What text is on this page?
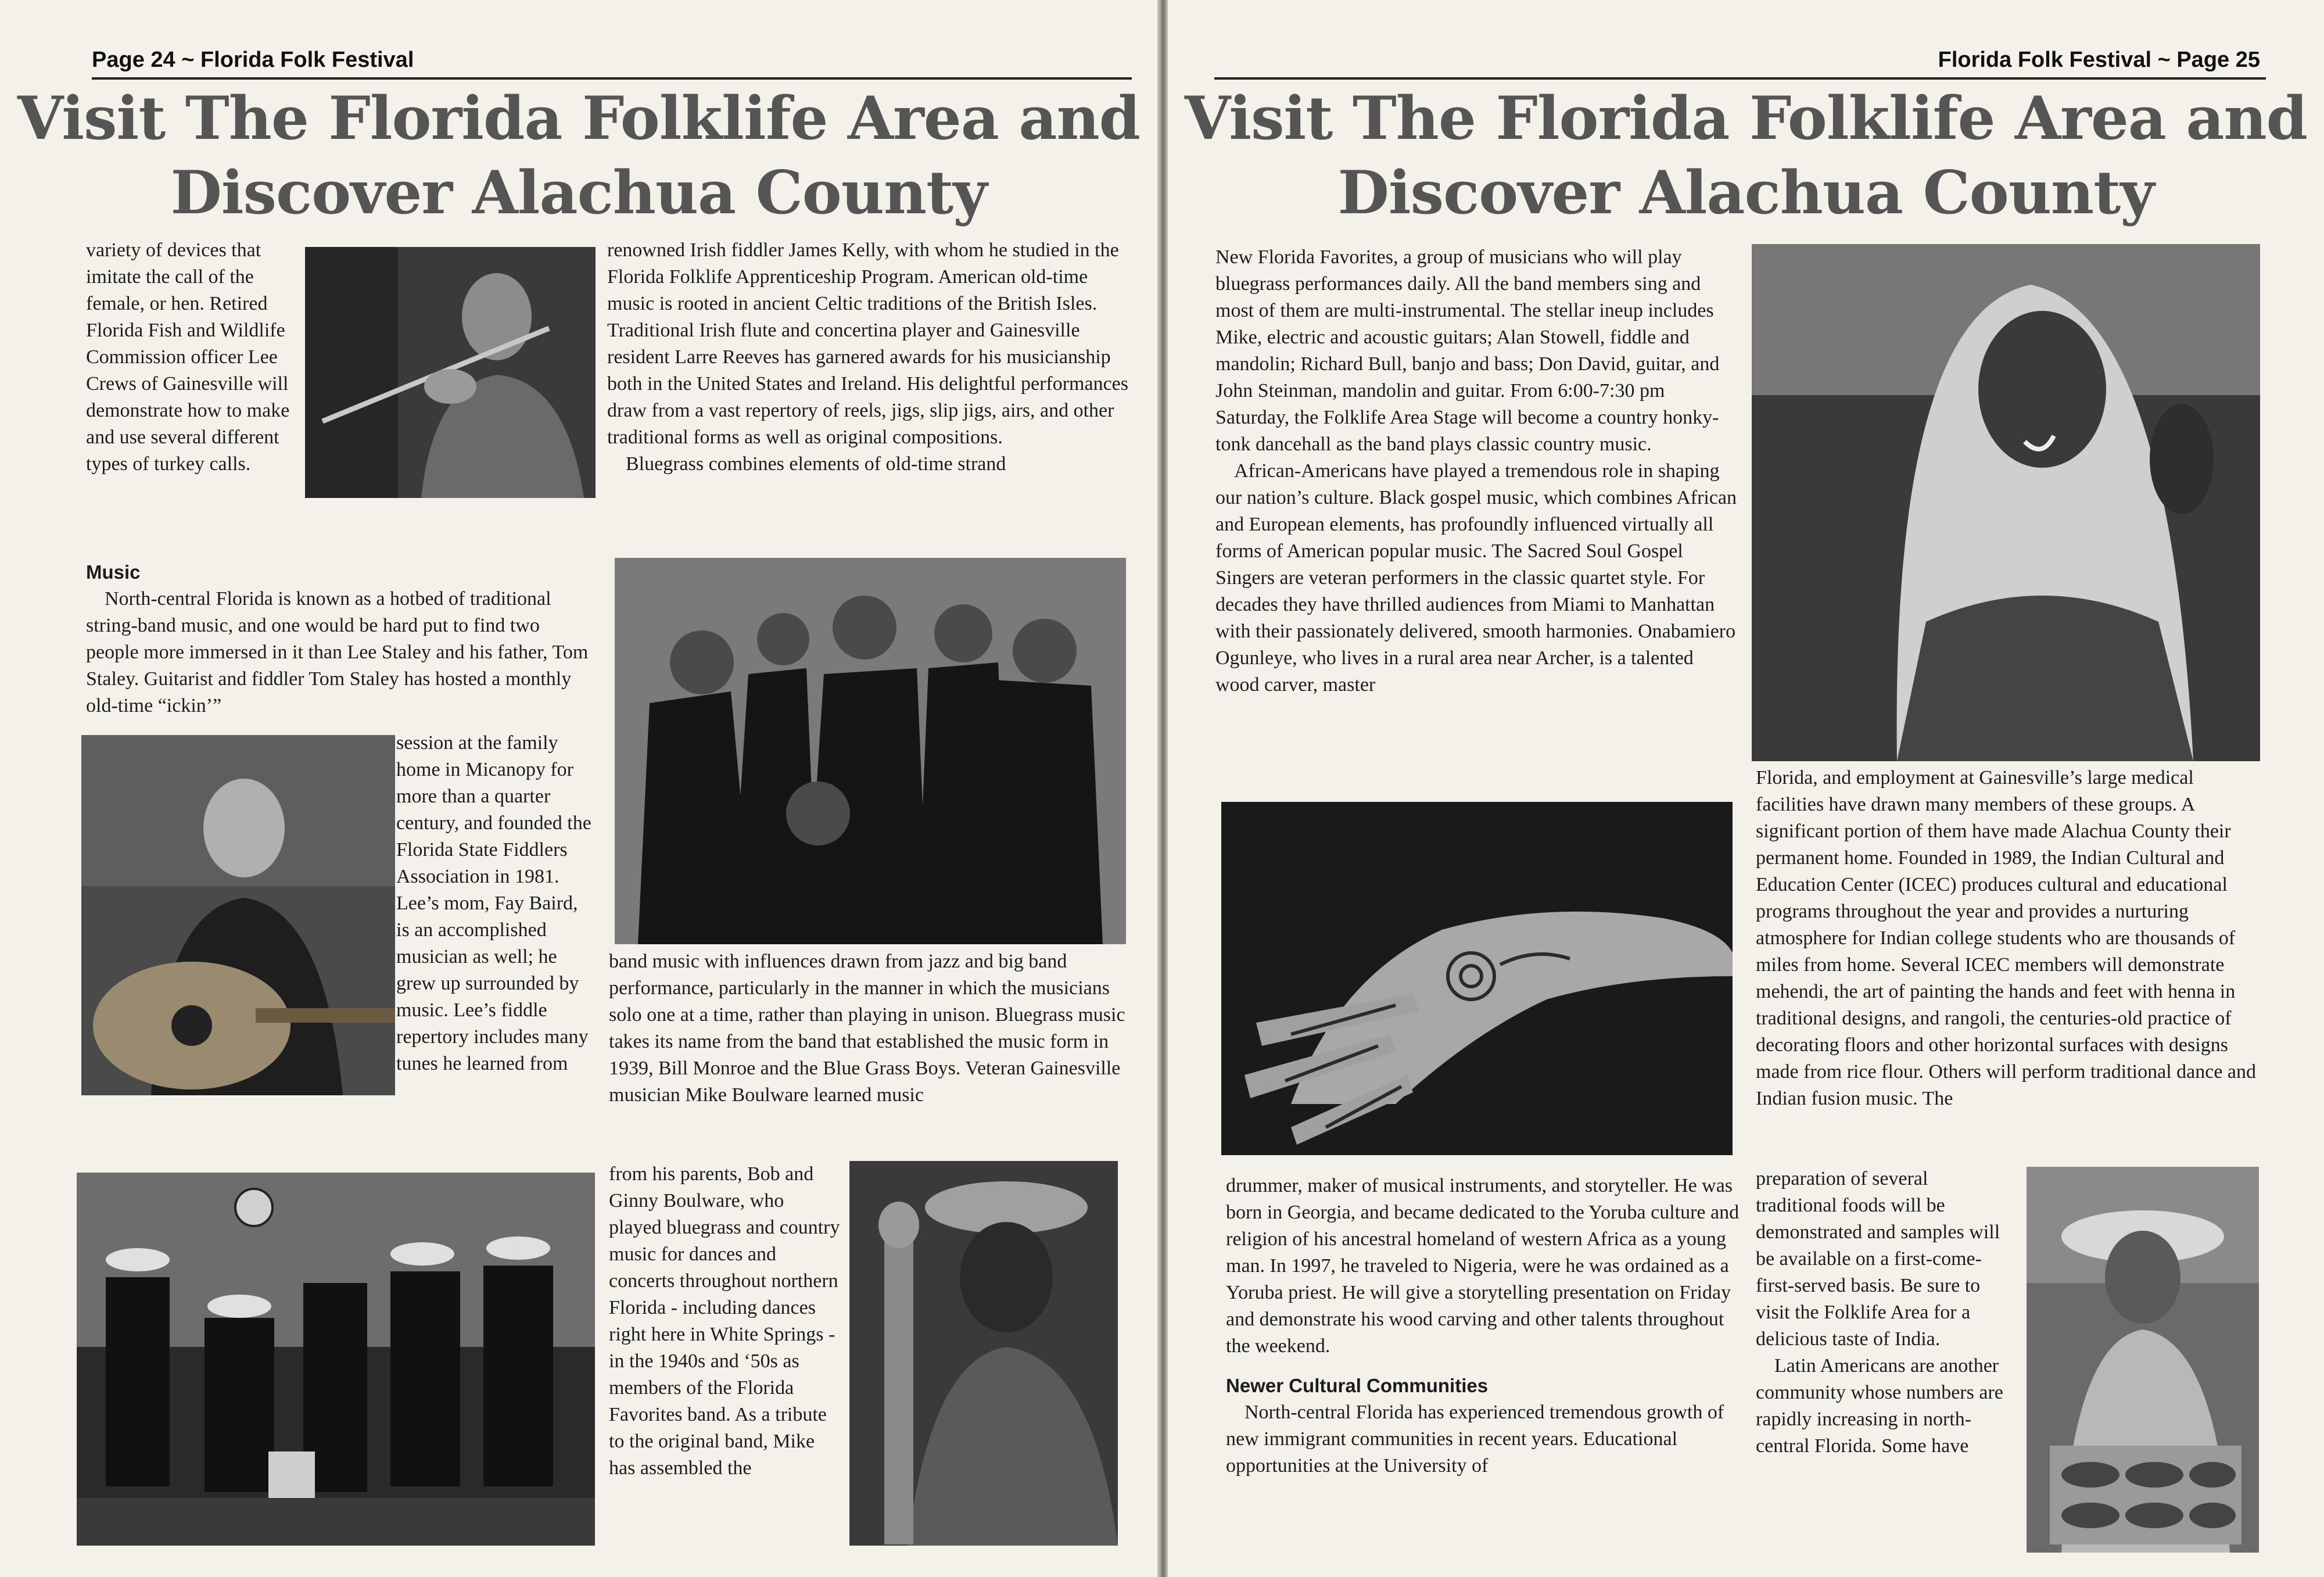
Page 24 ~ Florida Folk Festival
Visit The Florida Folklife Area and
Discover Alachua County

variety of devices that imitate the call of the female, or hen. Retired Florida Fish and Wildlife Commission officer Lee Crews of Gainesville will demonstrate how to make and use several different types of turkey calls.

Music

North-central Florida is known as a hotbed of traditional string-band music, and one would be hard put to find two people more immersed in it than Lee Staley and his father, Tom Staley. Guitarist and fiddler Tom Staley has hosted a monthly old-time “ickin’”

session at the family home in Micanopy for more than a quarter century, and founded the Florida State Fiddlers Association in 1981. Lee’s mom, Fay Baird, is an accomplished musician as well; he grew up surrounded by music. Lee’s fiddle repertory includes many tunes he learned from

renowned Irish fiddler James Kelly, with whom he studied in the Florida Folklife Apprenticeship Program. American old-time music is rooted in ancient Celtic traditions of the British Isles. Traditional Irish flute and concertina player and Gainesville resident Larre Reeves has garnered awards for his musicianship both in the United States and Ireland. His delightful performances draw from a vast repertory of reels, jigs, slip jigs, airs, and other traditional forms as well as original compositions.

Bluegrass combines elements of old-time strand

band music with influences drawn from jazz and big band performance, particularly in the manner in which the musicians solo one at a time, rather than playing in unison. Bluegrass music takes its name from the band that established the music form in 1939, Bill Monroe and the Blue Grass Boys. Veteran Gainesville musician Mike Boulware learned music

from his parents, Bob and Ginny Boulware, who played bluegrass and country music for dances and concerts throughout northern Florida - including dances right here in White Springs - in the 1940s and ‘50s as members of the Florida Favorites band. As a tribute to the original band, Mike has assembled the

Florida Folk Festival ~ Page 25
Visit The Florida Folklife Area and
Discover Alachua County

New Florida Favorites, a group of musicians who will play bluegrass performances daily. All the band members sing and most of them are multi-instrumental. The stellar ineup includes Mike, electric and acoustic guitars; Alan Stowell, fiddle and mandolin; Richard Bull, banjo and bass; Don David, guitar, and John Steinman, mandolin and guitar. From 6:00-7:30 pm Saturday, the Folklife Area Stage will become a country honky-tonk dancehall as the band plays classic country music.

African-Americans have played a tremendous role in shaping our nation’s culture. Black gospel music, which combines African and European elements, has profoundly influenced virtually all forms of American popular music. The Sacred Soul Gospel Singers are veteran performers in the classic quartet style. For decades they have thrilled audiences from Miami to Manhattan with their passionately delivered, smooth harmonies. Onabamiero Ogunleye, who lives in a rural area near Archer, is a talented wood carver, master

drummer, maker of musical instruments, and storyteller. He was born in Georgia, and became dedicated to the Yoruba culture and religion of his ancestral homeland of western Africa as a young man. In 1997, he traveled to Nigeria, were he was ordained as a Yoruba priest. He will give a storytelling presentation on Friday and demonstrate his wood carving and other talents throughout the weekend.

Newer Cultural Communities

North-central Florida has experienced tremendous growth of new immigrant communities in recent years. Educational opportunities at the University of

Florida, and employment at Gainesville’s large medical facilities have drawn many members of these groups. A significant portion of them have made Alachua County their permanent home. Founded in 1989, the Indian Cultural and Education Center (ICEC) produces cultural and educational programs throughout the year and provides a nurturing atmosphere for Indian college students who are thousands of miles from home. Several ICEC members will demonstrate mehendi, the art of painting the hands and feet with henna in traditional designs, and rangoli, the centuries-old practice of decorating floors and other horizontal surfaces with designs made from rice flour. Others will perform traditional dance and Indian fusion music. The

preparation of several traditional foods will be demonstrated and samples will be available on a first-come-first-served basis. Be sure to visit the Folklife Area for a delicious taste of India.

Latin Americans are another community whose numbers are rapidly increasing in north-central Florida. Some have
